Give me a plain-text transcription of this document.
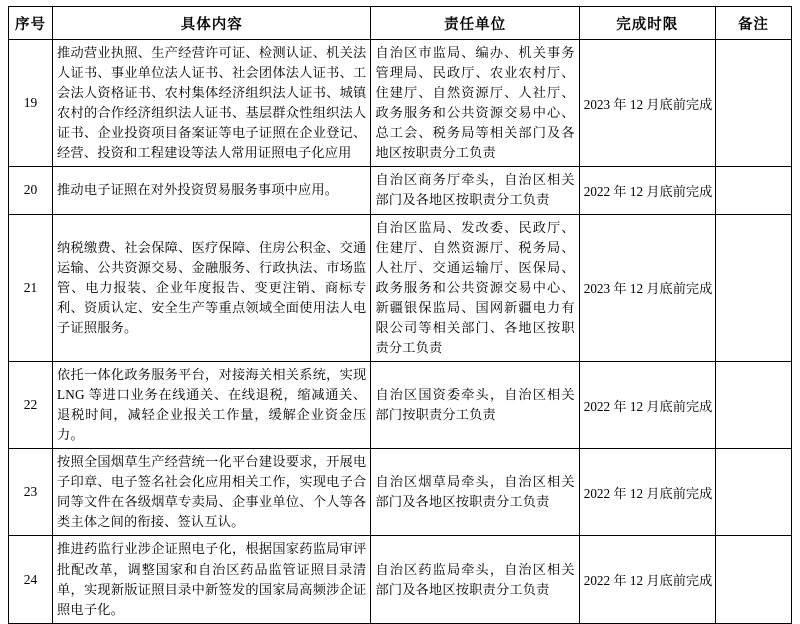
序号	具体内容	责任单位	完成时限	备注
19	推动营业执照、生产经营许可证、检测认证、机关法人证书、事业单位法人证书、社会团体法人证书、工会法人资格证书、农村集体经济组织法人证书、城镇农村的合作经济组织法人证书、基层群众性组织法人证书、企业投资项目备案证等电子证照在企业登记、经营、投资和工程建设等法人常用证照电子化应用	自治区市监局、编办、机关事务管理局、民政厅、农业农村厅、住建厅、自然资源厅、人社厅、政务服务和公共资源交易中心、总工会、税务局等相关部门及各地区按职责分工负责	2023 年 12 月底前完成	
20	推动电子证照在对外投资贸易服务事项中应用。	自治区商务厅牵头，自治区相关部门及各地区按职责分工负责	2022 年 12 月底前完成	
21	纳税缴费、社会保障、医疗保障、住房公积金、交通运输、公共资源交易、金融服务、行政执法、市场监管、电力报装、企业年度报告、变更注销、商标专利、资质认定、安全生产等重点领域全面使用法人电子证照服务。	自治区监局、发改委、民政厅、住建厅、自然资源厅、税务局、人社厅、交通运输厅、医保局、政务服务和公共资源交易中心、新疆银保监局、国网新疆电力有限公司等相关部门、各地区按职责分工负责	2023 年 12 月底前完成	
22	依托一体化政务服务平台，对接海关相关系统，实现LNG 等进口业务在线通关、在线退税，缩减通关、退税时间，减轻企业报关工作量，缓解企业资金压力。	自治区国资委牵头，自治区相关部门按职责分工负责	2022 年 12 月底前完成	
23	按照全国烟草生产经营统一化平台建设要求，开展电子印章、电子签名社会化应用相关工作，实现电子合同等文件在各级烟草专卖局、企事业单位、个人等各类主体之间的衔接、签认互认。	自治区烟草局牵头，自治区相关部门及各地区按职责分工负责	2022 年 12 月底前完成	
24	推进药监行业涉企证照电子化，根据国家药监局审评批配改革，调整国家和自治区药品监管证照目录清单，实现新版证照目录中新签发的国家局高频涉企证照电子化。	自治区药监局牵头，自治区相关部门及各地区按职责分工负责	2022 年 12 月底前完成	
